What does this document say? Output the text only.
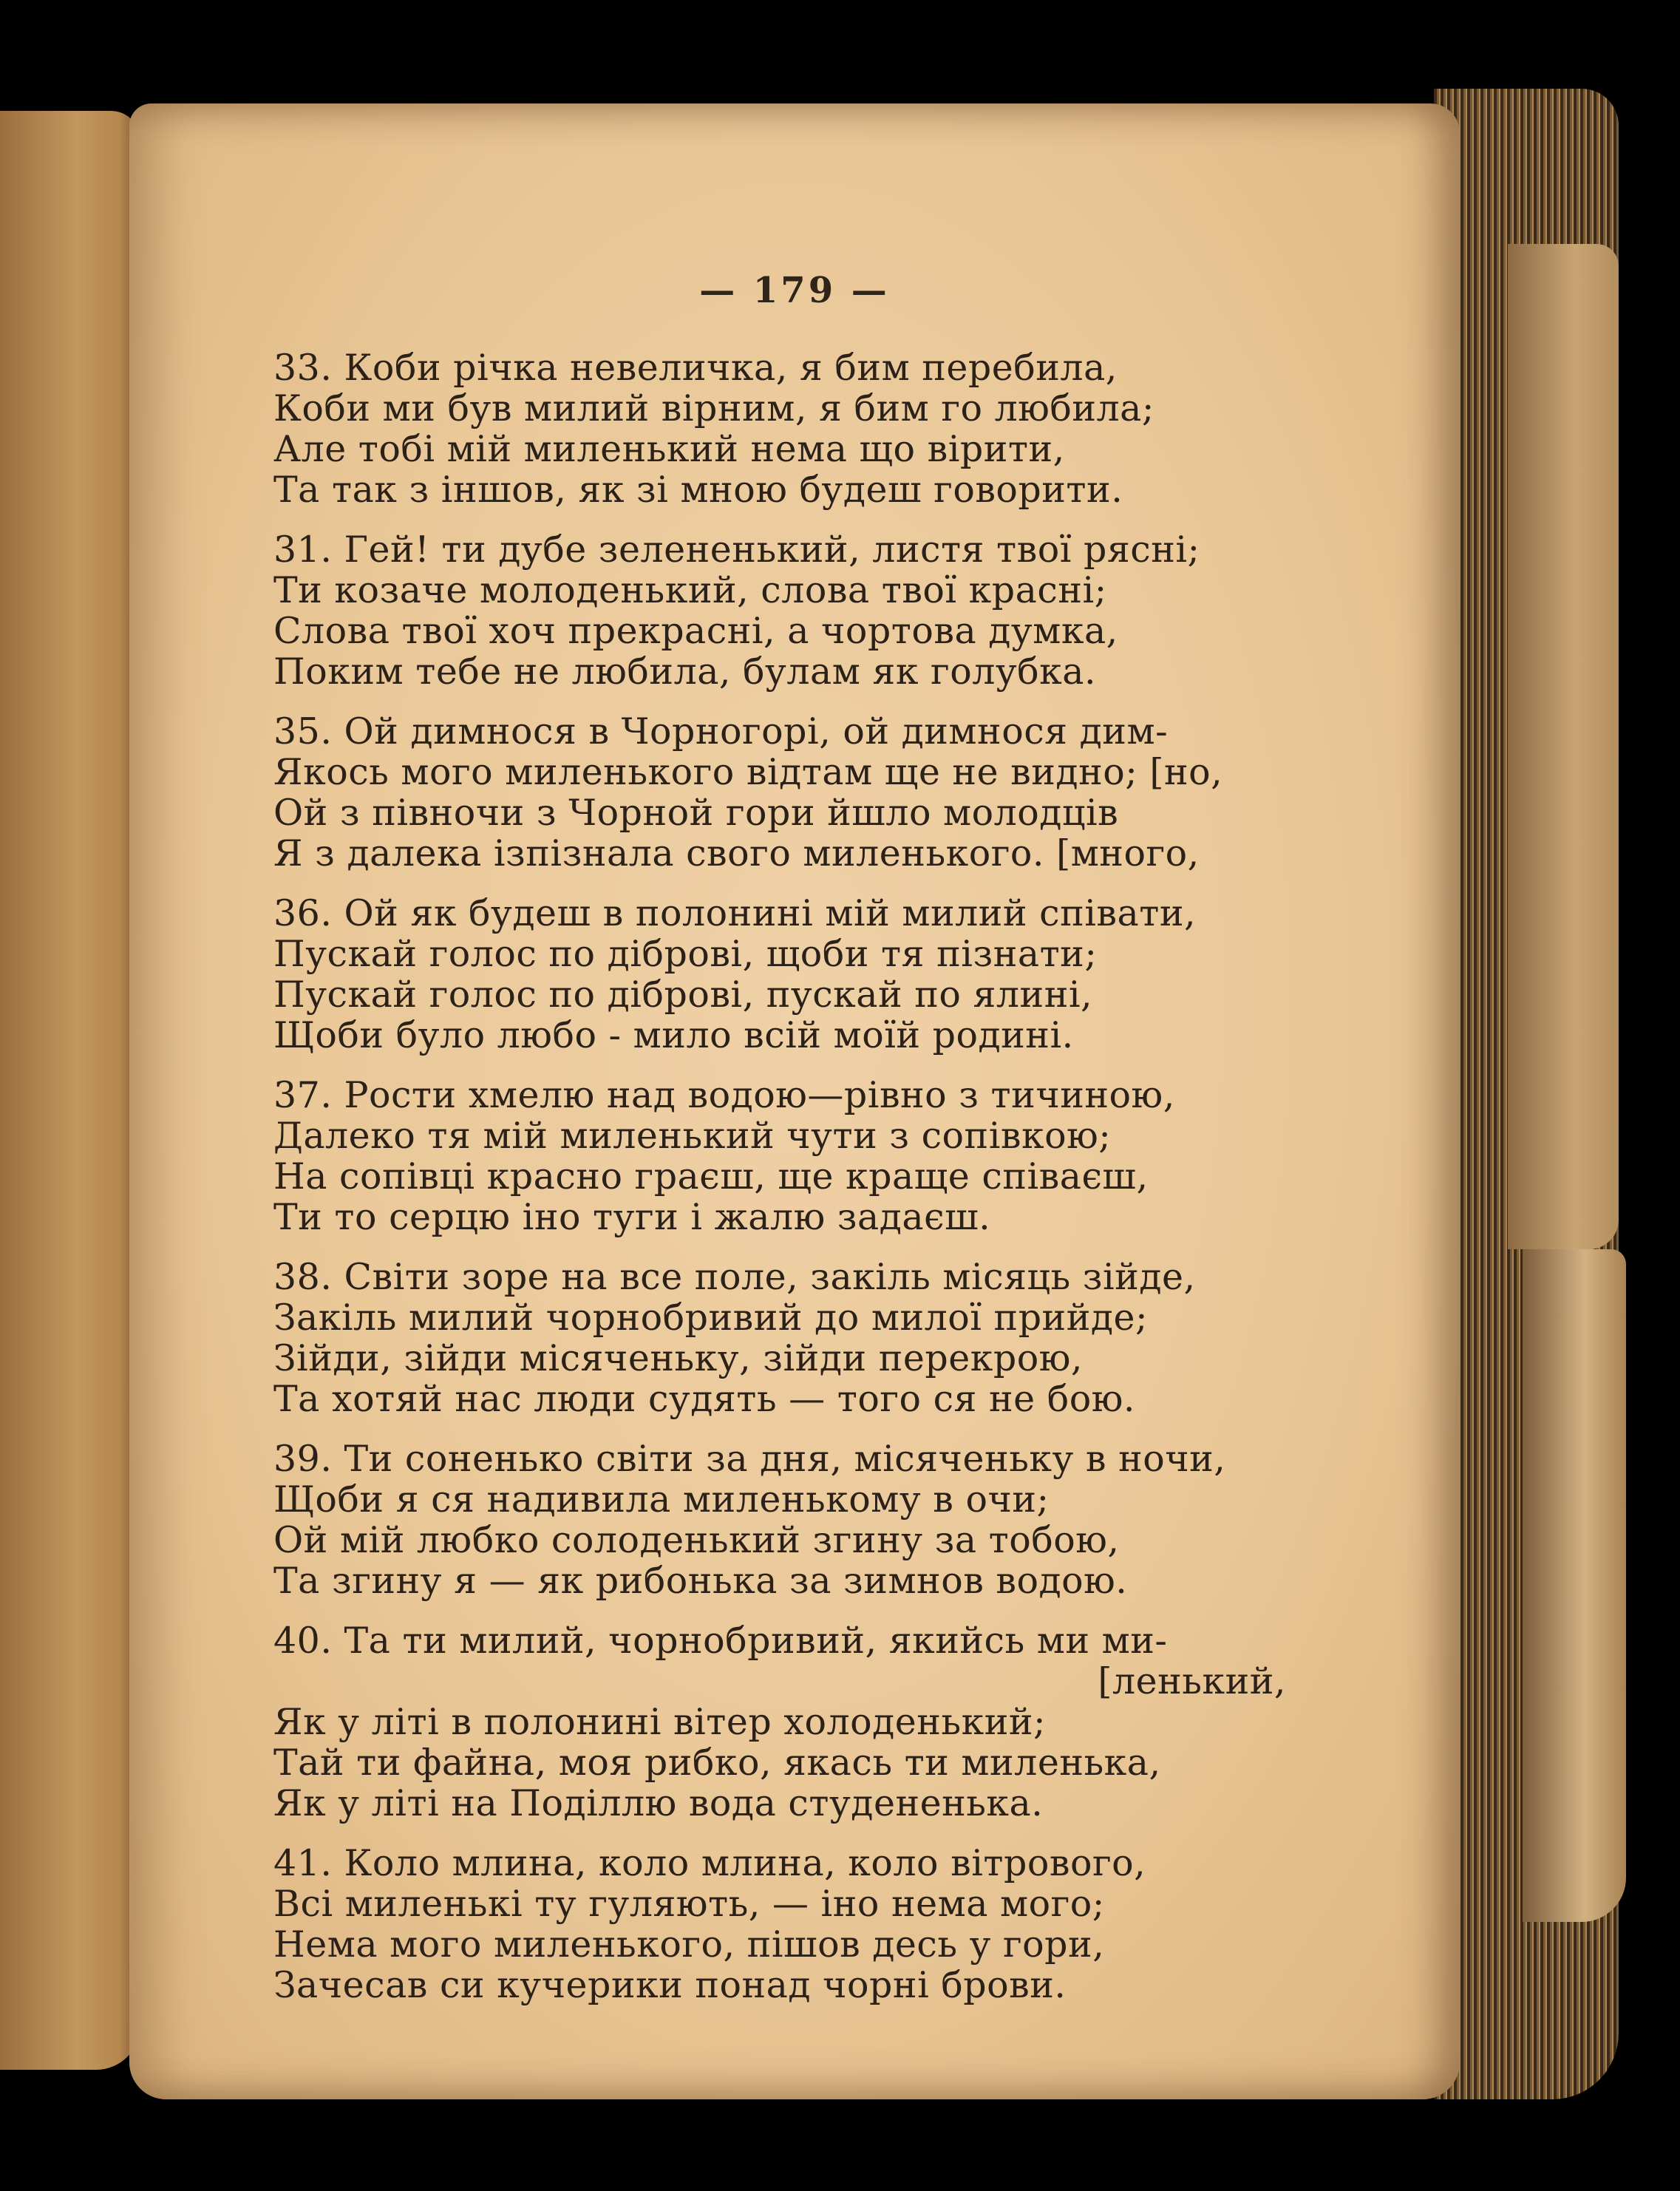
— 179 —
33. Коби річка невеличка, я бим перебила,
Коби ми був милий вірним, я бим го любила;
Але тобі мій миленький нема що вірити,
Та так з іншов, як зі мною будеш говорити.
31. Гей! ти дубе зелененький, листя твої рясні;
Ти козаче молоденький, слова твої красні;
Слова твої хоч прекрасні, а чортова думка,
Поким тебе не любила, булам як голубка.
35. Ой димнося в Чорногорі, ой димнося дим-
Якось мого миленького відтам ще не видно; [но,
Ой з півночи з Чорной гори йшло молодців
Я з далека ізпізнала свого миленького. [много,
36. Ой як будеш в полонині мій милий співати,
Пускай голос по діброві, щоби тя пізнати;
Пускай голос по діброві, пускай по ялині,
Щоби було любо - мило всій моїй родині.
37. Рости хмелю над водою—рівно з тичиною,
Далеко тя мій миленький чути з сопівкою;
На сопівці красно граєш, ще краще співаєш,
Ти то серцю іно туги і жалю задаєш.
38. Світи зоре на все поле, закіль місяць зійде,
Закіль милий чорнобривий до милої прийде;
Зійди, зійди місяченьку, зійди перекрою,
Та хотяй нас люди судять — того ся не бою.
39. Ти соненько світи за дня, місяченьку в ночи,
Щоби я ся надивила миленькому в очи;
Ой мій любко солоденький згину за тобою,
Та згину я — як рибонька за зимнов водою.
40. Та ти милий, чорнобривий, якийсь ми ми-
[ленький,
Як у літі в полонині вітер холоденький;
Тай ти файна, моя рибко, якась ти миленька,
Як у літі на Поділлю вода студененька.
41. Коло млина, коло млина, коло вітрового,
Всі миленькі ту гуляють, — іно нема мого;
Нема мого миленького, пішов десь у гори,
Зачесав си кучерики понад чорні брови.
